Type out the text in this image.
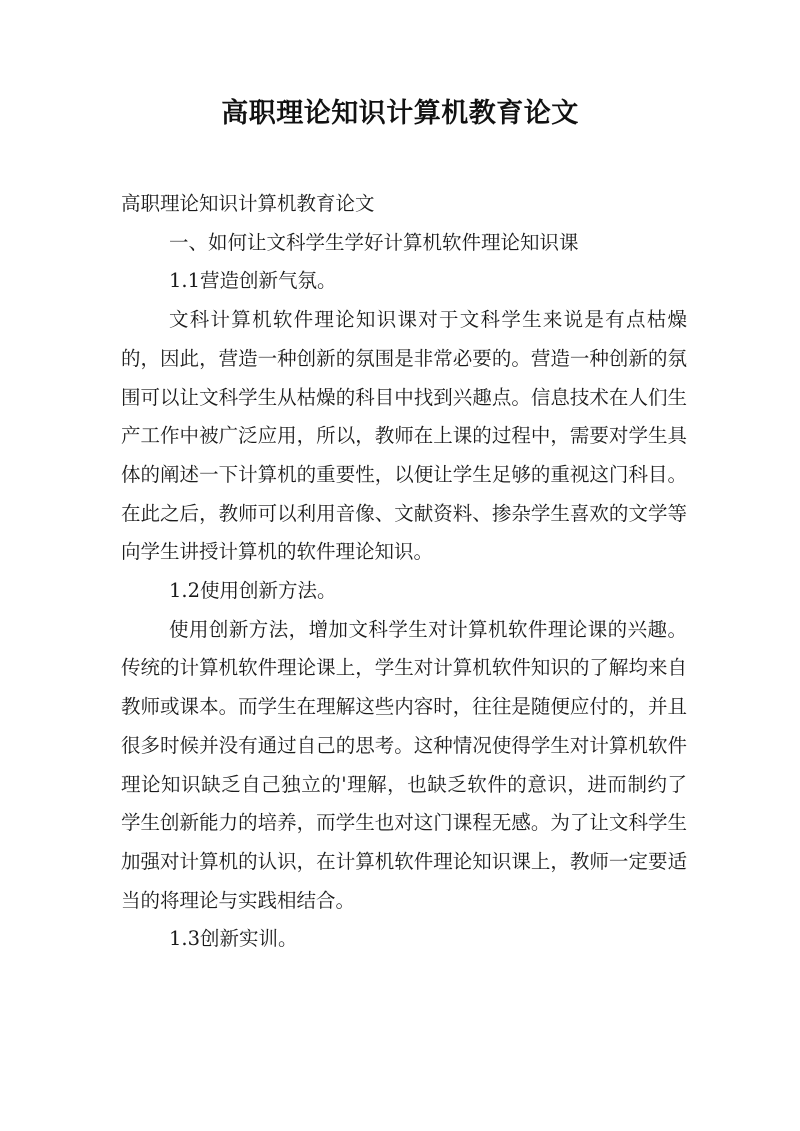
高职理论知识计算机教育论文

高职理论知识计算机教育论文

一、如何让文科学生学好计算机软件理论知识课

1.1营造创新气氛。

文科计算机软件理论知识课对于文科学生来说是有点枯燥的，因此，营造一种创新的氛围是非常必要的。营造一种创新的氛围可以让文科学生从枯燥的科目中找到兴趣点。信息技术在人们生产工作中被广泛应用，所以，教师在上课的过程中，需要对学生具体的阐述一下计算机的重要性，以便让学生足够的重视这门科目。在此之后，教师可以利用音像、文献资料、掺杂学生喜欢的文学等向学生讲授计算机的软件理论知识。

1.2使用创新方法。

使用创新方法，增加文科学生对计算机软件理论课的兴趣。传统的计算机软件理论课上，学生对计算机软件知识的了解均来自教师或课本。而学生在理解这些内容时，往往是随便应付的，并且很多时候并没有通过自己的思考。这种情况使得学生对计算机软件理论知识缺乏自己独立的'理解，也缺乏软件的意识，进而制约了学生创新能力的培养，而学生也对这门课程无感。为了让文科学生加强对计算机的认识，在计算机软件理论知识课上，教师一定要适当的将理论与实践相结合。

1.3创新实训。
